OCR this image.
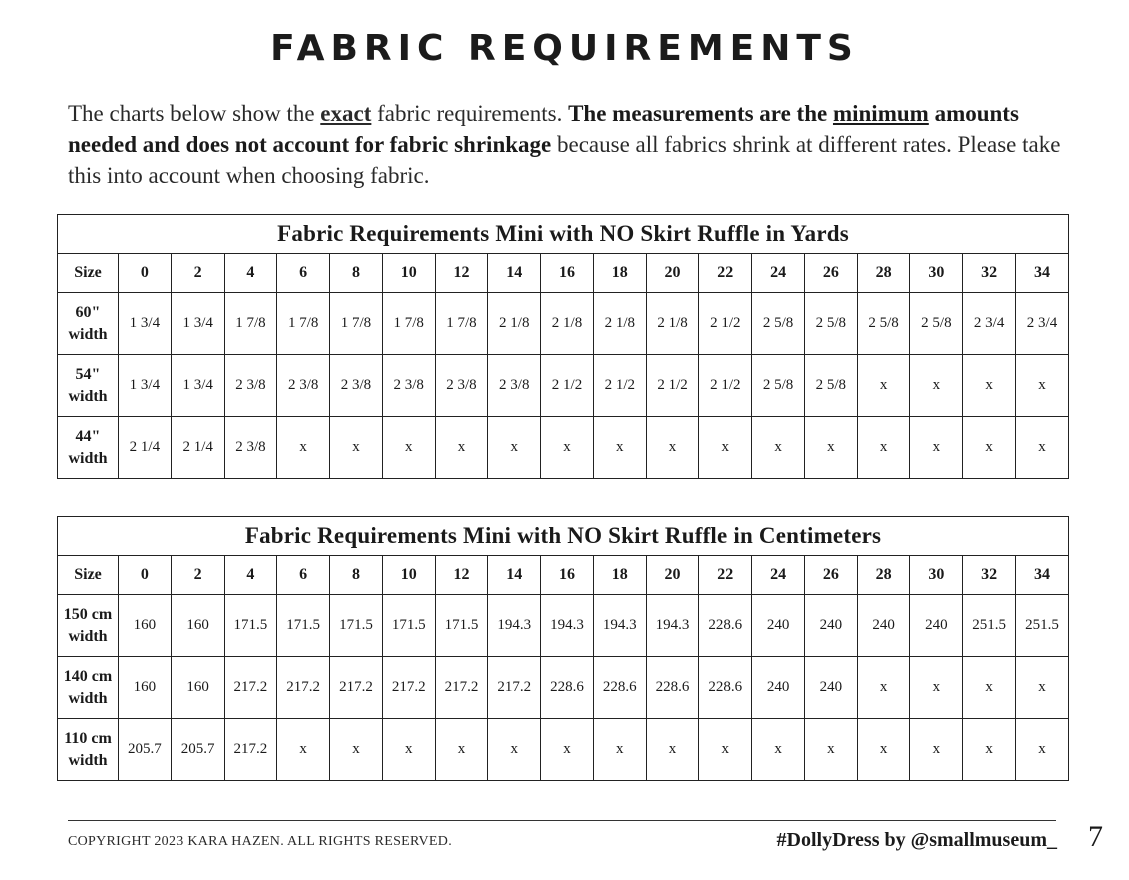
FABRIC REQUIREMENTS
The charts below show the exact fabric requirements. The measurements are the minimum amounts needed and does not account for fabric shrinkage because all fabrics shrink at different rates. Please take this into account when choosing fabric.
Fabric Requirements Mini with NO Skirt Ruffle in Yards																		
Size	0	2	4	6	8	10	12	14	16	18	20	22	24	26	28	30	32	34

60"
width	1 3/4	1 3/4	1 7/8	1 7/8	1 7/8	1 7/8	1 7/8	2 1/8	2 1/8	2 1/8	2 1/8	2 1/2	2 5/8	2 5/8	2 5/8	2 5/8	2 3/4	2 3/4

54"
width	1 3/4	1 3/4	2 3/8	2 3/8	2 3/8	2 3/8	2 3/8	2 3/8	2 1/2	2 1/2	2 1/2	2 1/2	2 5/8	2 5/8	x	x	x	x

44"
width	2 1/4	2 1/4	2 3/8	x	x	x	x	x	x	x	x	x	x	x	x	x	x	x
Fabric Requirements Mini with NO Skirt Ruffle in Centimeters																		
Size	0	2	4	6	8	10	12	14	16	18	20	22	24	26	28	30	32	34

150 cm
width	160	160	171.5	171.5	171.5	171.5	171.5	194.3	194.3	194.3	194.3	228.6	240	240	240	240	251.5	251.5

140 cm
width	160	160	217.2	217.2	217.2	217.2	217.2	217.2	228.6	228.6	228.6	228.6	240	240	x	x	x	x

110 cm
width	205.7	205.7	217.2	x	x	x	x	x	x	x	x	x	x	x	x	x	x	x
COPYRIGHT 2023 KARA HAZEN. ALL RIGHTS RESERVED.	#DollyDress by @smallmuseum_ 7
